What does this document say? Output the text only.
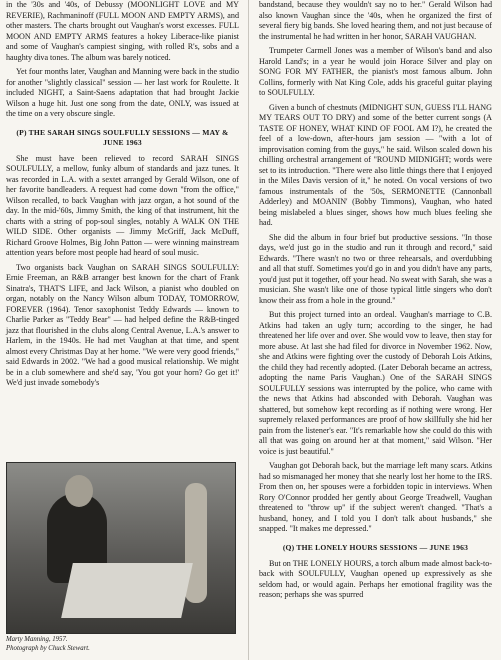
in the '30s and '40s, of Debussy (MOONLIGHT LOVE and MY REVERIE), Rachmaninoff (FULL MOON AND EMPTY ARMS), and other masters. The charts brought out Vaughan's worst excesses. FULL MOON AND EMPTY ARMS features a hokey Liberace-like pianist and some of Vaughan's campiest singing, with rolled R's, sobs and a haughty diva tones. The album was barely noticed.

Yet four months later, Vaughan and Manning were back in the studio for another "slightly classical" session — her last work for Roulette. It included NIGHT, a Saint-Saens adaptation that had brought Jackie Wilson a huge hit. Just one song from the date, ONLY, was issued at the time on a very obscure single.

(P) THE SARAH SINGS SOULFULLY SESSIONS — MAY & JUNE 1963

She must have been relieved to record SARAH SINGS SOULFULLY, a mellow, funky album of standards and jazz tunes. It was recorded in L.A. with a sextet arranged by Gerald Wilson, one of her favorite bandleaders. A request had come down "from the office," Wilson recalled, to back Vaughan with jazz organ, a hot sound of the day. In the mid-'60s, Jimmy Smith, the king of that instrument, hit the charts with a string of pop-soul singles, notably A WALK ON THE WILD SIDE. Other organists — Jimmy McGriff, Jack McDuff, Richard Groove Holmes, Big John Patton — were winning mainstream attention years before most people had heard of soul music.

Two organists back Vaughan on SARAH SINGS SOULFULLY: Ernie Freeman, an R&B arranger best known for the chart of Frank Sinatra's, THAT'S LIFE, and Jack Wilson, a pianist who doubled on organ, notably on the Nancy Wilson album TODAY, TOMORROW, FOREVER (1964). Tenor saxophonist Teddy Edwards — known to Charlie Parker as "Teddy Bear" — had helped define the R&B-tinged jazz that flourished in the clubs along Central Avenue, L.A.'s answer to Harlem, in the 1940s. He had met Vaughan at that time, and spent almost every Christmas Day at her home. "We were very good friends," said Edwards in 2002. "We had a good musical relationship. We might be in a club somewhere and she'd say, 'You got your horn? Go get it!' We'd just invade somebody's

Marty Manning, 1957.
Photograph by Chuck Stewart.

bandstand, because they wouldn't say no to her." Gerald Wilson had also known Vaughan since the '40s, when he organized the first of several fiery big bands. She loved hearing them, and not just because of the instrumental he had written in her honor, SARAH VAUGHAN.

Trumpeter Carmell Jones was a member of Wilson's band and also Harold Land's; in a year he would join Horace Silver and play on SONG FOR MY FATHER, the pianist's most famous album. John Collins, formerly with Nat King Cole, adds his graceful guitar playing to SOULFULLY.

Given a bunch of chestnuts (MIDNIGHT SUN, GUESS I'LL HANG MY TEARS OUT TO DRY) and some of the better current songs (A TASTE OF HONEY, WHAT KIND OF FOOL AM I?), he created the feel of a low-down, after-hours jam session — "with a lot of improvisation coming from the guys," he said. Wilson scaled down his chilling orchestral arrangement of "ROUND MIDNIGHT; words were set to its introduction. "There were also little things there that I enjoyed in the Miles Davis version of it," he noted. On vocal versions of two famous instrumentals of the '50s, SERMONETTE (Cannonball Adderley) and MOANIN' (Bobby Timmons), Vaughan, who hated being mislabeled a blues singer, shows how much blues feeling she had.

She did the album in four brief but productive sessions. "In those days, we'd just go in the studio and run it through and record," said Edwards. "There wasn't no two or three rehearsals, and overdubbing and all that stuff. Sometimes you'd go in and you didn't have any parts, you'd just put it together, off your head. No sweat with Sarah, she was a musician. She wasn't like one of those typical little singers who don't know their ass from a hole in the ground."

But this project turned into an ordeal. Vaughan's marriage to C.B. Atkins had taken an ugly turn; according to the singer, he had threatened her life over and over. She would vow to leave, then stay for more abuse. At last she had filed for divorce in November 1962. Now, she and Atkins were fighting over the custody of Deborah Lois Atkins, the child they had recently adopted. (Later Deborah became an actress, adopting the name Paris Vaughan.) One of the SARAH SINGS SOULFULLY sessions was interrupted by the police, who came with the news that Atkins had absconded with Deborah. Vaughan was shattered, but somehow kept recording as if nothing were wrong. Her supremely relaxed performances are proof of how skillfully she hid her pain from the listener's ear. "It's remarkable how she could do this with all that was going on around her at that moment," said Wilson. "Her voice is just beautiful."

Vaughan got Deborah back, but the marriage left many scars. Atkins had so mismanaged her money that she nearly lost her home to the IRS. From then on, her spouses were a forbidden topic in interviews. When Rory O'Connor prodded her gently about George Treadwell, Vaughan threatened to "throw up" if the subject weren't changed. "That's a husband, honey, and I told you I don't talk about husbands," she snapped. "It makes me depressed."

(Q) THE LONELY HOURS SESSIONS — JUNE 1963

But on THE LONELY HOURS, a torch album made almost back-to-back with SOULFULLY, Vaughan opened up expressively as she seldom had, or would again. Perhaps her emotional fragility was the reason; perhaps she was spurred
